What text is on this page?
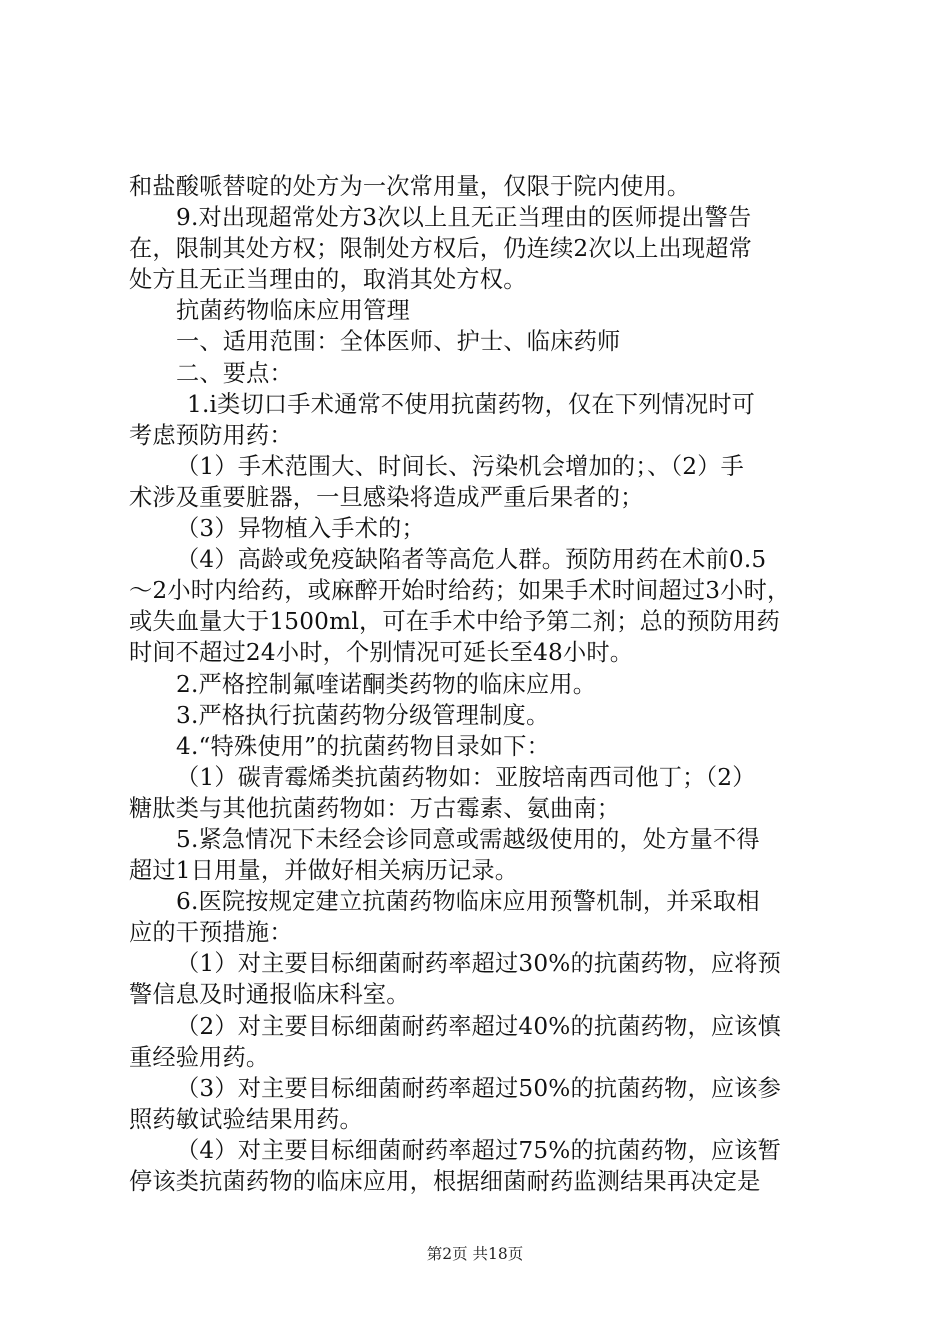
和盐酸哌替啶的处方为一次常用量，仅限于院内使用。

9.对出现超常处方3次以上且无正当理由的医师提出警告

在，限制其处方权；限制处方权后，仍连续2次以上出现超常

处方且无正当理由的，取消其处方权。

抗菌药物临床应用管理

一、适用范围：全体医师、护士、临床药师

二、要点：

1.i类切口手术通常不使用抗菌药物，仅在下列情况时可

考虑预防用药：

（1）手术范围大、时间长、污染机会增加的；、（2）手

术涉及重要脏器，一旦感染将造成严重后果者的；

（3）异物植入手术的；

（4）高龄或免疫缺陷者等高危人群。预防用药在术前0.5

～2小时内给药，或麻醉开始时给药；如果手术时间超过3小时，

或失血量大于1500ml，可在手术中给予第二剂；总的预防用药

时间不超过24小时，个别情况可延长至48小时。

2.严格控制氟喹诺酮类药物的临床应用。

3.严格执行抗菌药物分级管理制度。

4.“特殊使用”的抗菌药物目录如下：

（1）碳青霉烯类抗菌药物如：亚胺培南西司他丁；（2）

糖肽类与其他抗菌药物如：万古霉素、氨曲南；

5.紧急情况下未经会诊同意或需越级使用的，处方量不得

超过1日用量，并做好相关病历记录。

6.医院按规定建立抗菌药物临床应用预警机制，并采取相

应的干预措施：

（1）对主要目标细菌耐药率超过30%的抗菌药物，应将预

警信息及时通报临床科室。

（2）对主要目标细菌耐药率超过40%的抗菌药物，应该慎

重经验用药。

（3）对主要目标细菌耐药率超过50%的抗菌药物，应该参

照药敏试验结果用药。

（4）对主要目标细菌耐药率超过75%的抗菌药物，应该暂

停该类抗菌药物的临床应用，根据细菌耐药监测结果再决定是

第2页 共18页
